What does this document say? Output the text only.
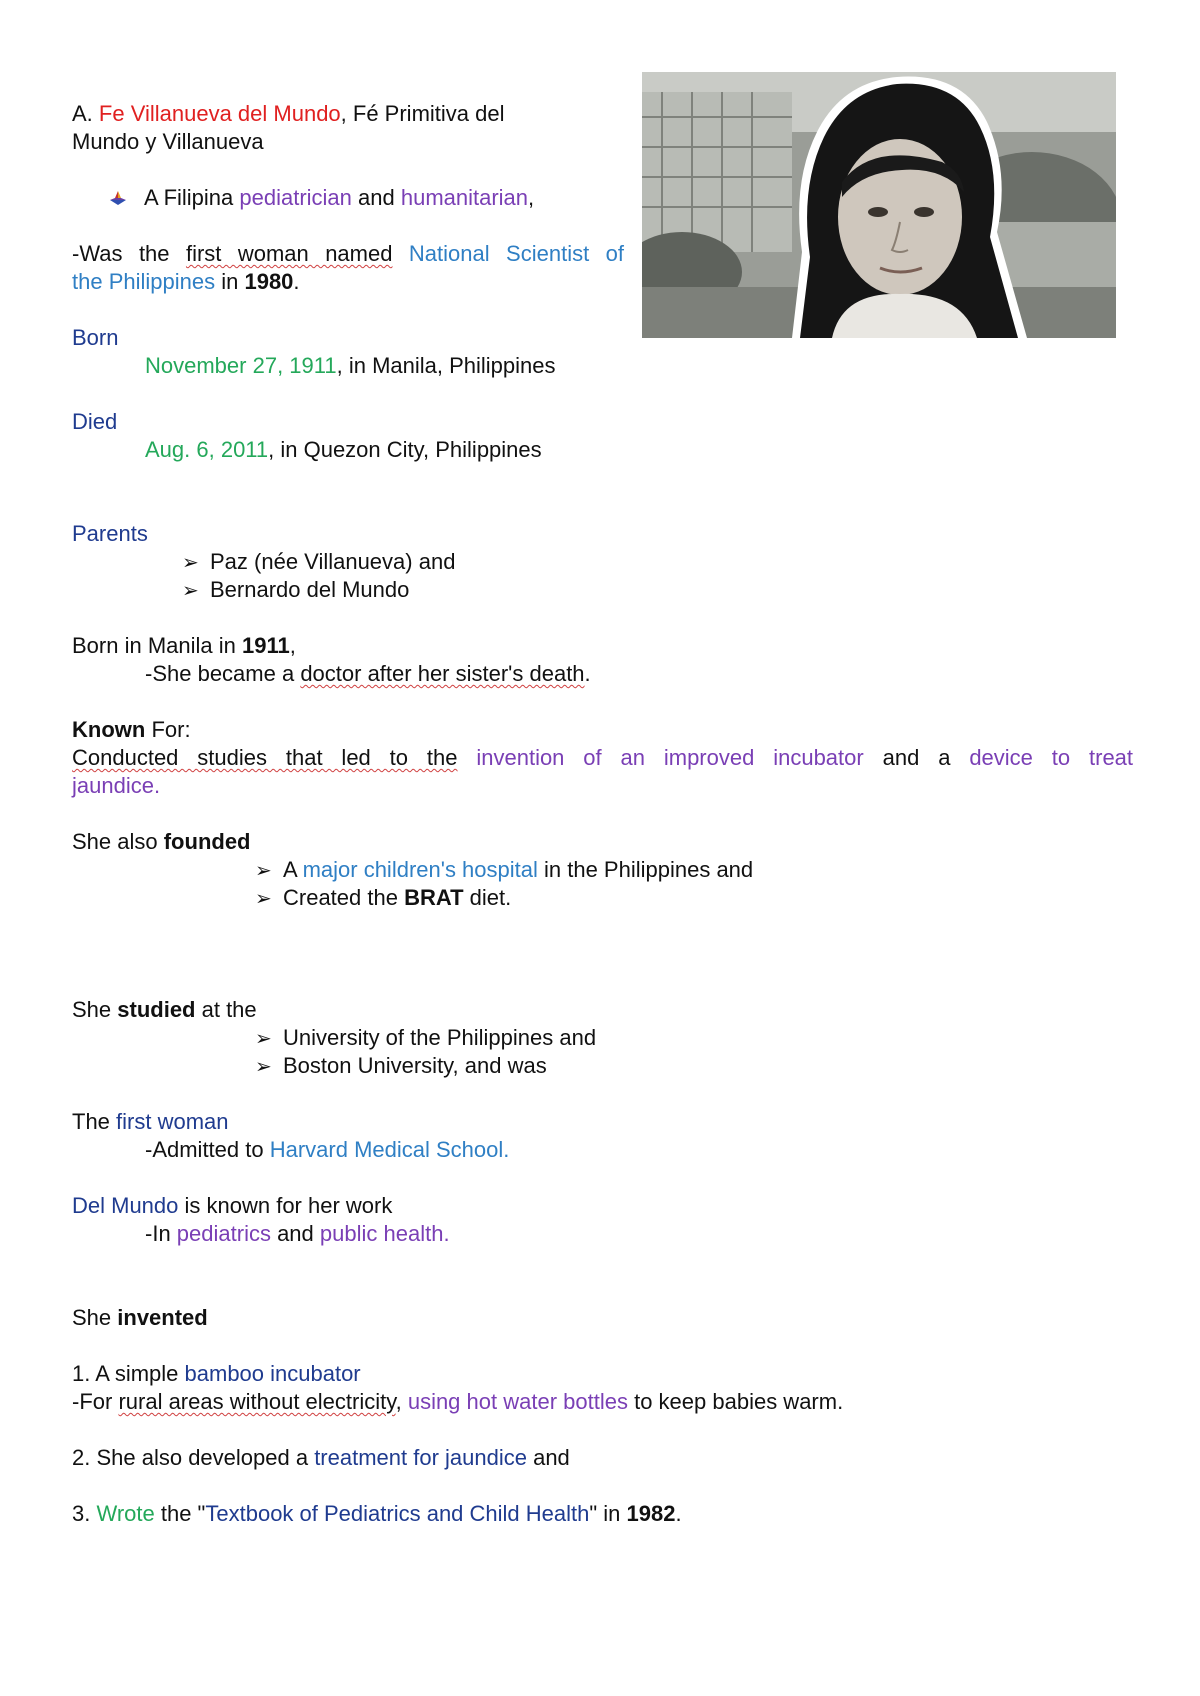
A. Fe Villanueva del Mundo, Fé Primitiva del
Mundo y Villanueva
A Filipina pediatrician and humanitarian,
-Was the first woman named National Scientist of
the Philippines in 1980.
Born
November 27, 1911, in Manila, Philippines
Died
Aug. 6, 2011, in Quezon City, Philippines
Parents
➢ Paz (née Villanueva) and
➢ Bernardo del Mundo
Born in Manila in 1911,
-She became a doctor after her sister's death.
Known For:
Conducted studies that led to the invention of an improved incubator and a device to treat
jaundice.
She also founded
➢ A major children's hospital in the Philippines and
➢ Created the BRAT diet.
She studied at the
➢ University of the Philippines and
➢ Boston University, and was
The first woman
-Admitted to Harvard Medical School.
Del Mundo is known for her work
-In pediatrics and public health.
She invented
1. A simple bamboo incubator
-For rural areas without electricity, using hot water bottles to keep babies warm.
2. She also developed a treatment for jaundice and
3. Wrote the "Textbook of Pediatrics and Child Health" in 1982.
